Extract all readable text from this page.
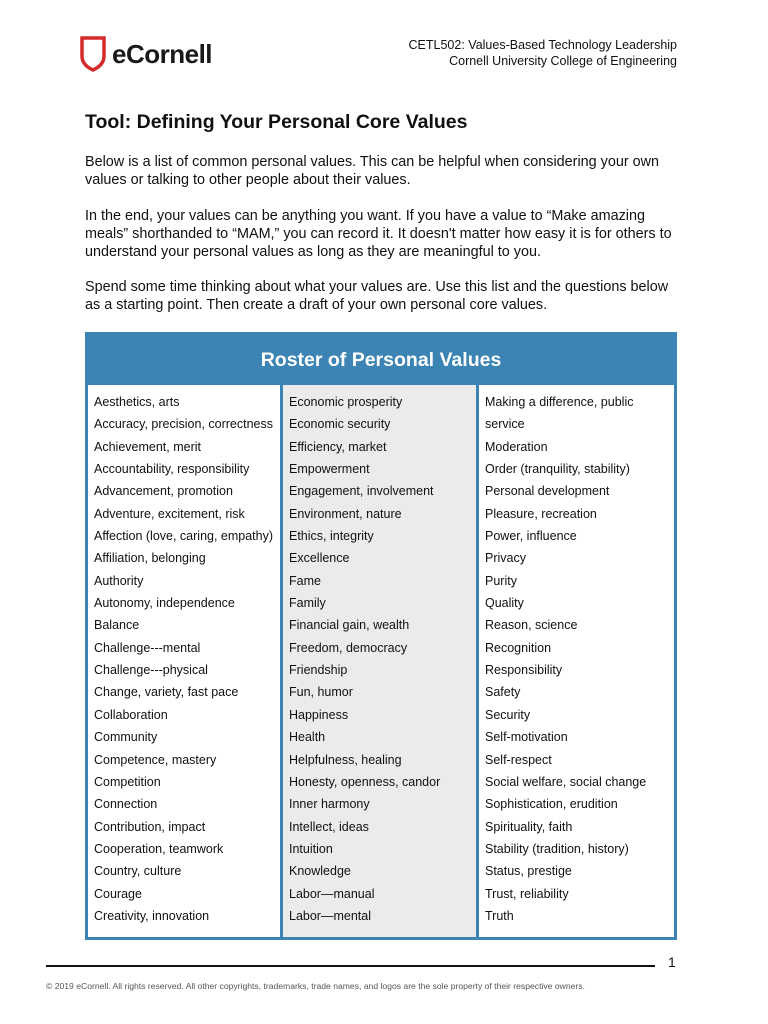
eCornell	CETL502: Values-Based Technology Leadership
Cornell University College of Engineering
Tool: Defining Your Personal Core Values

Below is a list of common personal values. This can be helpful when considering your own values or talking to other people about their values.

In the end, your values can be anything you want. If you have a value to “Make amazing meals” shorthanded to “MAM,” you can record it. It doesn't matter how easy it is for others to understand your personal values as long as they are meaningful to you.

Spend some time thinking about what your values are. Use this list and the questions below as a starting point. Then create a draft of your own personal core values.

Roster of Personal Values
Aesthetics, arts
Accuracy, precision, correctness
Achievement, merit
Accountability, responsibility
Advancement, promotion
Adventure, excitement, risk
Affection (love, caring, empathy)
Affiliation, belonging
Authority
Autonomy, independence
Balance
Challenge---mental
Challenge---physical
Change, variety, fast pace
Collaboration
Community
Competence, mastery
Competition
Connection
Contribution, impact
Cooperation, teamwork
Country, culture
Courage
Creativity, innovation
Economic prosperity
Economic security
Efficiency, market
Empowerment
Engagement, involvement
Environment, nature
Ethics, integrity
Excellence
Fame
Family
Financial gain, wealth
Freedom, democracy
Friendship
Fun, humor
Happiness
Health
Helpfulness, healing
Honesty, openness, candor
Inner harmony
Intellect, ideas
Intuition
Knowledge
Labor—manual
Labor—mental
Making a difference, public
service
Moderation
Order (tranquility, stability)
Personal development
Pleasure, recreation
Power, influence
Privacy
Purity
Quality
Reason, science
Recognition
Responsibility
Safety
Security
Self-motivation
Self-respect
Social welfare, social change
Sophistication, erudition
Spirituality, faith
Stability (tradition, history)
Status, prestige
Trust, reliability
Truth
1
© 2019 eCornell. All rights reserved. All other copyrights, trademarks, trade names, and logos are the sole property of their respective owners.
